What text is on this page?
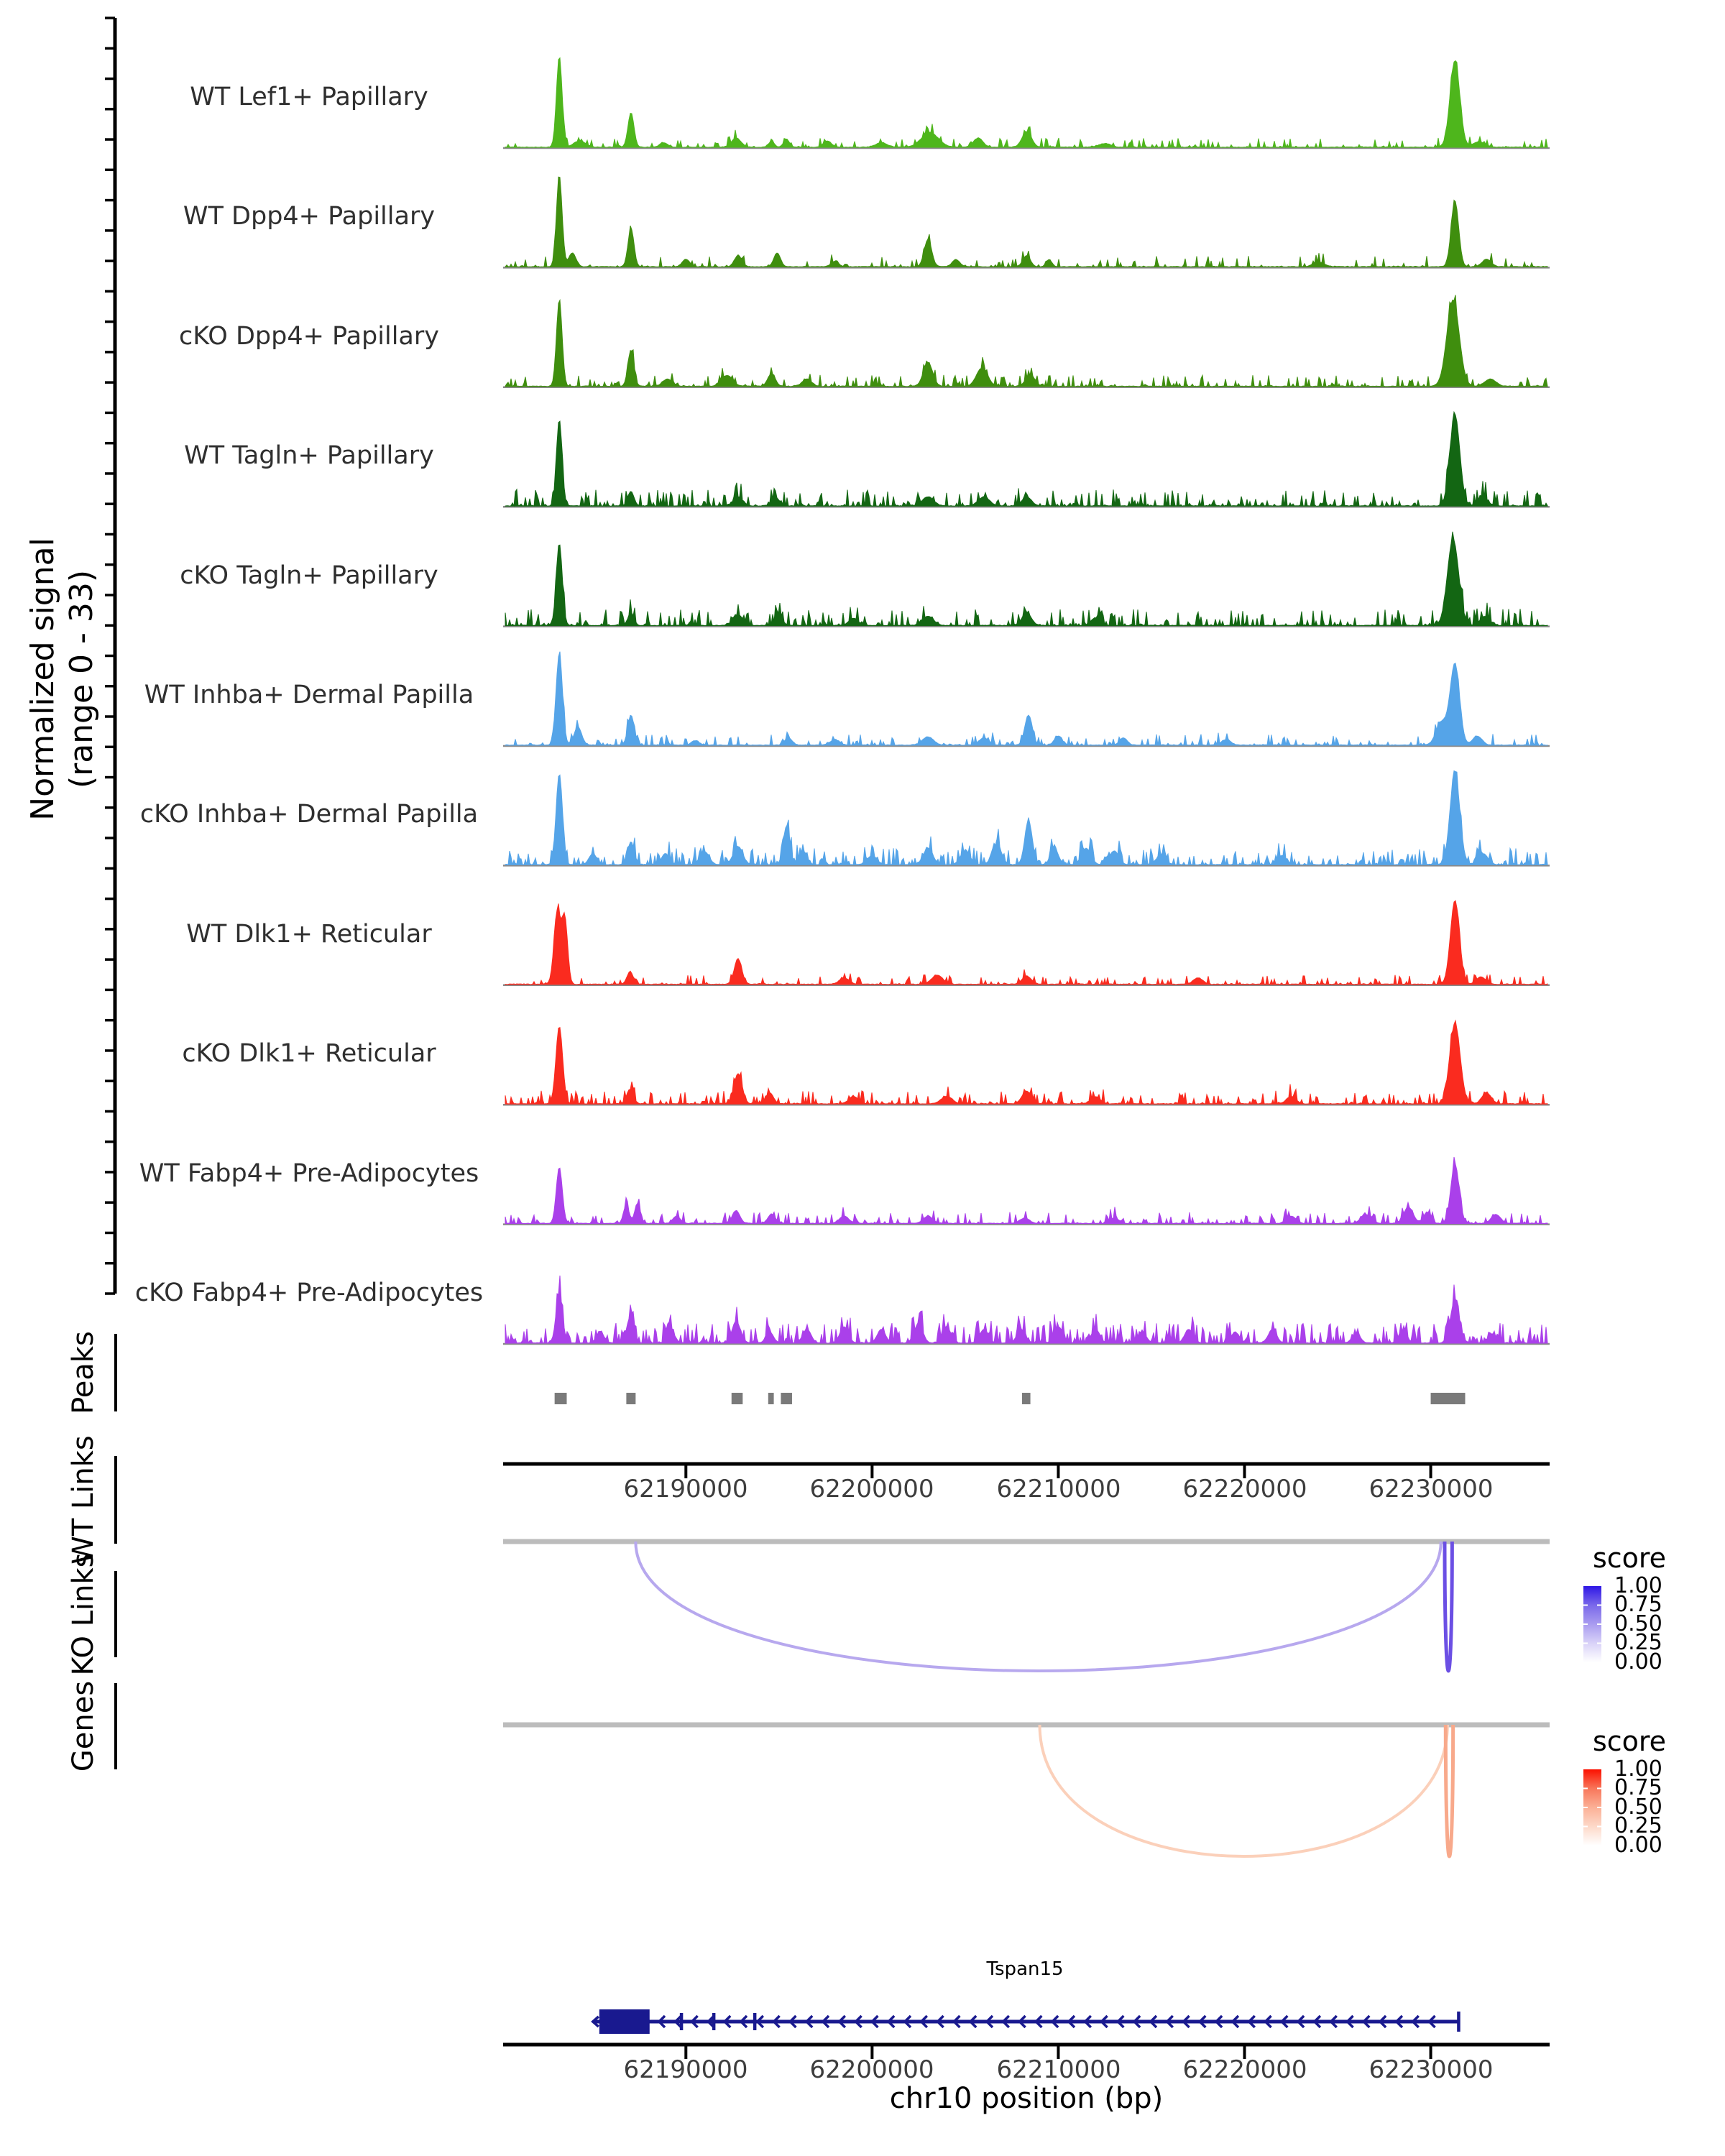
Normalized signal (range 0 - 33)
WT Lef1+ Papillary
WT Dpp4+ Papillary
cKO Dpp4+ Papillary
WT Tagln+ Papillary
cKO Tagln+ Papillary
WT Inhba+ Dermal Papilla
cKO Inhba+ Dermal Papilla
WT Dlk1+ Reticular
cKO Dlk1+ Reticular
WT Fabp4+ Pre-Adipocytes
cKO Fabp4+ Pre-Adipocytes
Peaks
WT Links
KO Links
Genes
62190000	62200000	62210000	62220000	62230000
score
1.00
0.75
0.50
0.25
0.00
score
1.00
0.75
0.50
0.25
0.00
Tspan15
62190000	62200000	62210000	62220000	62230000
chr10 position (bp)
